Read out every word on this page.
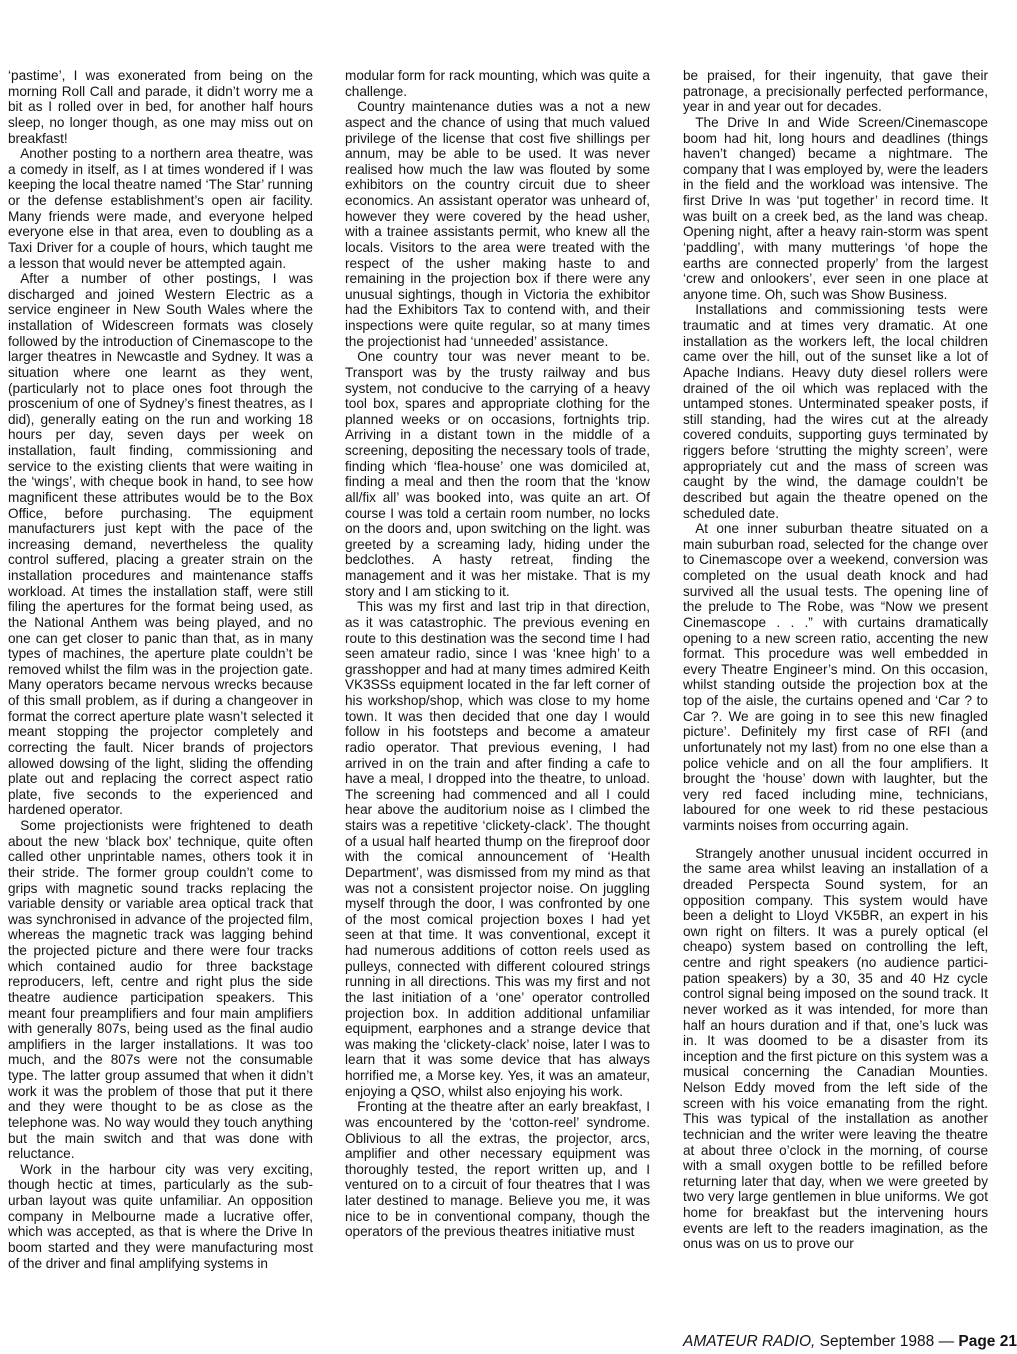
‘pastime’, I was exonerated from being on the morning Roll Call and parade, it didn’t worry me a bit as I rolled over in bed, for another half hours sleep, no longer though, as one may miss out on breakfast!

Another posting to a northern area theatre, was a comedy in itself, as I at times wondered if I was keeping the local theatre named ‘The Star’ running or the defense establishment’s open air facility. Many friends were made, and everyone helped everyone else in that area, even to doubling as a Taxi Driver for a couple of hours, which taught me a lesson that would never be attempted again.

After a number of other postings, I was discharged and joined Western Electric as a service engineer in New South Wales where the installation of Widescreen formats was closely followed by the introduction of Cinemascope to the larger theatres in Newcastle and Sydney. It was a situation where one learnt as they went, (particularly not to place ones foot through the proscenium of one of Sydney’s finest theatres, as I did), generally eating on the run and working 18 hours per day, seven days per week on installation, fault finding, commissioning and service to the existing clients that were waiting in the ‘wings’, with cheque book in hand, to see how magnificent these attributes would be to the Box Office, before purchasing. The equipment manufacturers just kept with the pace of the increasing demand, nevertheless the quality control suffered, placing a greater strain on the installation procedures and maintenance staffs workload. At times the installation staff, were still filing the apertures for the format being used, as the National Anthem was being played, and no one can get closer to panic than that, as in many types of machines, the aperture plate couldn’t be removed whilst the film was in the projection gate. Many operators became nervous wrecks because of this small problem, as if during a changeover in format the correct aperture plate wasn’t selected it meant stopping the projector completely and correcting the fault. Nicer brands of projectors allowed dowsing of the light, sliding the offending plate out and replacing the correct aspect ratio plate, five seconds to the experienced and hardened operator.

Some projectionists were frightened to death about the new ‘black box’ technique, quite often called other unprintable names, others took it in their stride. The former group couldn’t come to grips with magnetic sound tracks replacing the variable density or variable area optical track that was synchronised in advance of the projected film, whereas the magnetic track was lagging behind the projected picture and there were four tracks which contained audio for three backstage reproducers, left, centre and right plus the side theatre audience participation speakers. This meant four preamplifiers and four main amplifiers with generally 807s, being used as the final audio amplifiers in the larger installations. It was too much, and the 807s were not the consumable type. The latter group assumed that when it didn’t work it was the problem of those that put it there and they were thought to be as close as the telephone was. No way would they touch anything but the main switch and that was done with reluctance.

Work in the harbour city was very exciting, though hectic at times, particularly as the suburban layout was quite unfamiliar. An opposition company in Melbourne made a lucrative offer, which was accepted, as that is where the Drive In boom started and they were manufacturing most of the driver and final amplifying systems in

modular form for rack mounting, which was quite a challenge.

Country maintenance duties was a not a new aspect and the chance of using that much valued privilege of the license that cost five shillings per annum, may be able to be used. It was never realised how much the law was flouted by some exhibitors on the country circuit due to sheer economics. An assistant operator was unheard of, however they were covered by the head usher, with a trainee assistants permit, who knew all the locals. Visitors to the area were treated with the respect of the usher making haste to and remaining in the projection box if there were any unusual sightings, though in Victoria the exhibitor had the Exhibitors Tax to contend with, and their inspections were quite regular, so at many times the projectionist had ‘unneeded’ assistance.

One country tour was never meant to be. Transport was by the trusty railway and bus system, not conducive to the carrying of a heavy tool box, spares and appropriate clothing for the planned weeks or on occasions, fortnights trip. Arriving in a distant town in the middle of a screening, depositing the necessary tools of trade, finding which ‘flea-house’ one was domiciled at, finding a meal and then the room that the ‘know all/fix all’ was booked into, was quite an art. Of course I was told a certain room number, no locks on the doors and, upon switching on the light. was greeted by a screaming lady, hiding under the bedclothes. A hasty retreat, finding the management and it was her mistake. That is my story and I am sticking to it.

This was my first and last trip in that direction, as it was catastrophic. The previous evening en route to this destination was the second time I had seen amateur radio, since I was ‘knee high’ to a grasshopper and had at many times admired Keith VK3SSs equipment located in the far left corner of his workshop/shop, which was close to my home town. It was then decided that one day I would follow in his footsteps and become a amateur radio operator. That previous evening, I had arrived in on the train and after finding a cafe to have a meal, I dropped into the theatre, to unload. The screening had commenced and all I could hear above the auditorium noise as I climbed the stairs was a repetitive ‘clickety-clack’. The thought of a usual half hearted thump on the fireproof door with the comical announcement of ‘Health Department’, was dismissed from my mind as that was not a consistent projector noise. On juggling myself through the door, I was confronted by one of the most comical projection boxes I had yet seen at that time. It was conventional, except it had numerous additions of cotton reels used as pulleys, connected with different coloured strings running in all directions. This was my first and not the last initiation of a ‘one’ operator controlled projection box. In addition additional unfamiliar equipment, earphones and a strange device that was making the ‘clickety-clack’ noise, later I was to learn that it was some device that has always horrified me, a Morse key. Yes, it was an amateur, enjoying a QSO, whilst also enjoying his work.

Fronting at the theatre after an early breakfast, I was encountered by the ‘cotton-reel’ syndrome. Oblivious to all the extras, the projector, arcs, amplifier and other necessary equipment was thoroughly tested, the report written up, and I ventured on to a circuit of four theatres that I was later destined to manage. Believe you me, it was nice to be in conventional company, though the operators of the previous theatres initiative must

be praised, for their ingenuity, that gave their patronage, a precisionally perfected performance, year in and year out for decades.

The Drive In and Wide Screen/Cinemascope boom had hit, long hours and deadlines (things haven’t changed) became a nightmare. The company that I was employed by, were the leaders in the field and the workload was intensive. The first Drive In was ‘put together’ in record time. It was built on a creek bed, as the land was cheap. Opening night, after a heavy rain-storm was spent ‘paddling’, with many mutterings ‘of hope the earths are connected properly’ from the largest ‘crew and onlookers’, ever seen in one place at anyone time. Oh, such was Show Business.

Installations and commissioning tests were traumatic and at times very dramatic. At one installation as the workers left, the local children came over the hill, out of the sunset like a lot of Apache Indians. Heavy duty diesel rollers were drained of the oil which was replaced with the untamped stones. Unterminated speaker posts, if still standing, had the wires cut at the already covered conduits, supporting guys terminated by riggers before ‘strutting the mighty screen’, were appropriately cut and the mass of screen was caught by the wind, the damage couldn’t be described but again the theatre opened on the scheduled date.

At one inner suburban theatre situated on a main suburban road, selected for the change over to Cinemascope over a weekend, conversion was completed on the usual death knock and had survived all the usual tests. The opening line of the prelude to The Robe, was “Now we present Cinemascope . . .” with curtains dramatically opening to a new screen ratio, accenting the new format. This procedure was well embedded in every Theatre Engineer’s mind. On this occasion, whilst standing outside the projection box at the top of the aisle, the curtains opened and ‘Car ? to Car ?. We are going in to see this new finagled picture’. Definitely my first case of RFI (and unfortunately not my last) from no one else than a police vehicle and on all the four amplifiers. It brought the ‘house’ down with laughter, but the very red faced including mine, technicians, laboured for one week to rid these pestacious varmints noises from occurring again.

Strangely another unusual incident occurred in the same area whilst leaving an installation of a dreaded Perspecta Sound system, for an opposition company. This system would have been a delight to Lloyd VK5BR, an expert in his own right on filters. It was a purely optical (el cheapo) system based on controlling the left, centre and right speakers (no audience participation speakers) by a 30, 35 and 40 Hz cycle control signal being imposed on the sound track. It never worked as it was intended, for more than half an hours duration and if that, one’s luck was in. It was doomed to be a disaster from its inception and the first picture on this system was a musical concerning the Canadian Mounties. Nelson Eddy moved from the left side of the screen with his voice emanating from the right. This was typical of the installation as another technician and the writer were leaving the theatre at about three o’clock in the morning, of course with a small oxygen bottle to be refilled before returning later that day, when we were greeted by two very large gentlemen in blue uniforms. We got home for breakfast but the intervening hours events are left to the readers imagination, as the onus was on us to prove our

AMATEUR RADIO, September 1988 — Page 21
